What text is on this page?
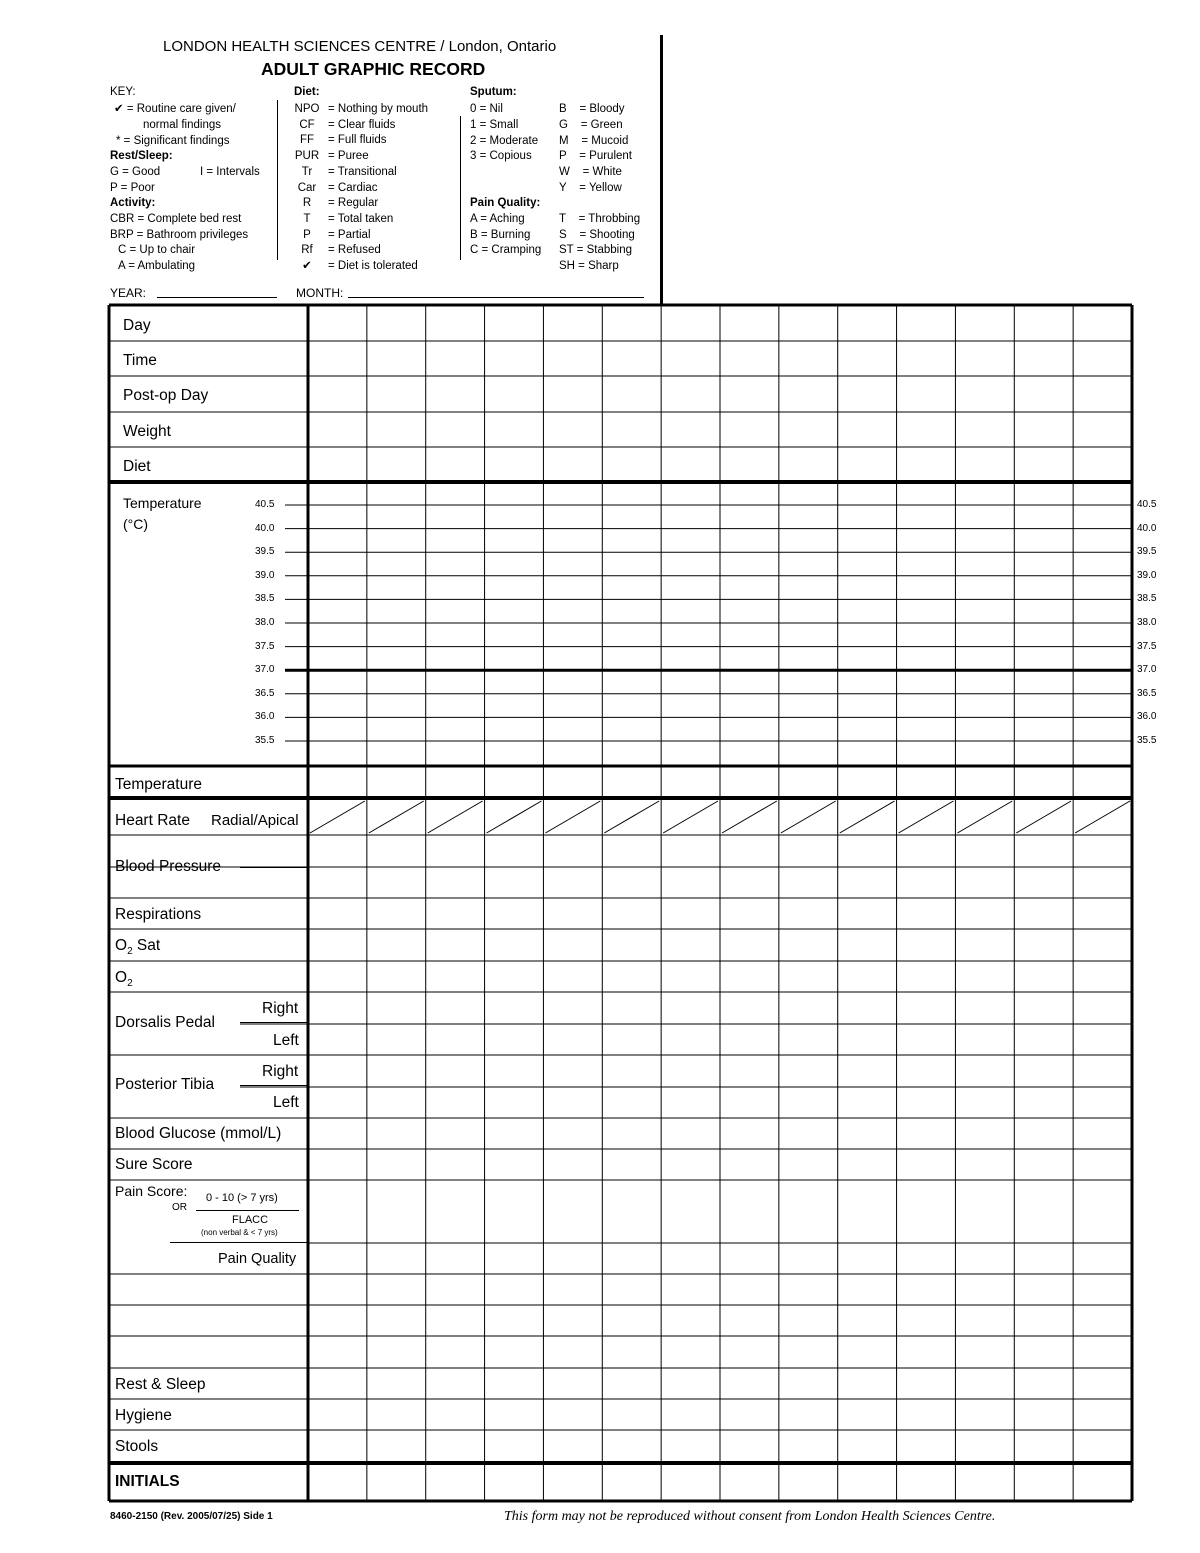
LONDON HEALTH SCIENCES CENTRE / London, Ontario
ADULT GRAPHIC RECORD
KEY:
✔ = Routine care given/
normal findings
* = Significant findings
Rest/Sleep:
G = Good	I = Intervals
P = Poor
Activity:
CBR = Complete bed rest
BRP = Bathroom privileges
C = Up to chair
A = Ambulating
Diet:
NPO = Nothing by mouth
CF	= Clear fluids
FF	= Full fluids
PUR = Puree
Tr	= Transitional
Car	= Cardiac
R	= Regular
T	= Total taken
P	= Partial
Rf	= Refused
✔	= Diet is tolerated
Sputum:
0 = Nil
1 = Small
2 = Moderate
3 = Copious
B    = Bloody
G    = Green
M    = Mucoid
P    = Purulent
W    = White
Y    = Yellow
Pain Quality:
A = Aching
B = Burning
C = Cramping
T    = Throbbing
S    = Shooting
ST = Stabbing
SH = Sharp
YEAR:	MONTH:
Day
Time
Post-op Day
Weight
Diet
Temperature
(°C)
40.5	40.5
40.0	40.0
39.5	39.5
39.0	39.0
38.5	38.5
38.0	38.0
37.5	37.5
37.0	37.0
36.5	36.5
36.0	36.0
35.5	35.5
Temperature
Heart Rate Radial/Apical
Blood Pressure
Respirations
$O_2$ Sat
$O_2$
Dorsalis Pedal
Right
Left
Posterior Tibia
Right
Left
Blood Glucose (mmol/L)
Sure Score
Pain Score:
OR
0 - 10 (> 7 yrs)
FLACC
(non verbal & < 7 yrs)
Pain Quality
Rest & Sleep
Hygiene
Stools
INITIALS
8460-2150 (Rev. 2005/07/25) Side 1	This form may not be reproduced without consent from London Health Sciences Centre.
